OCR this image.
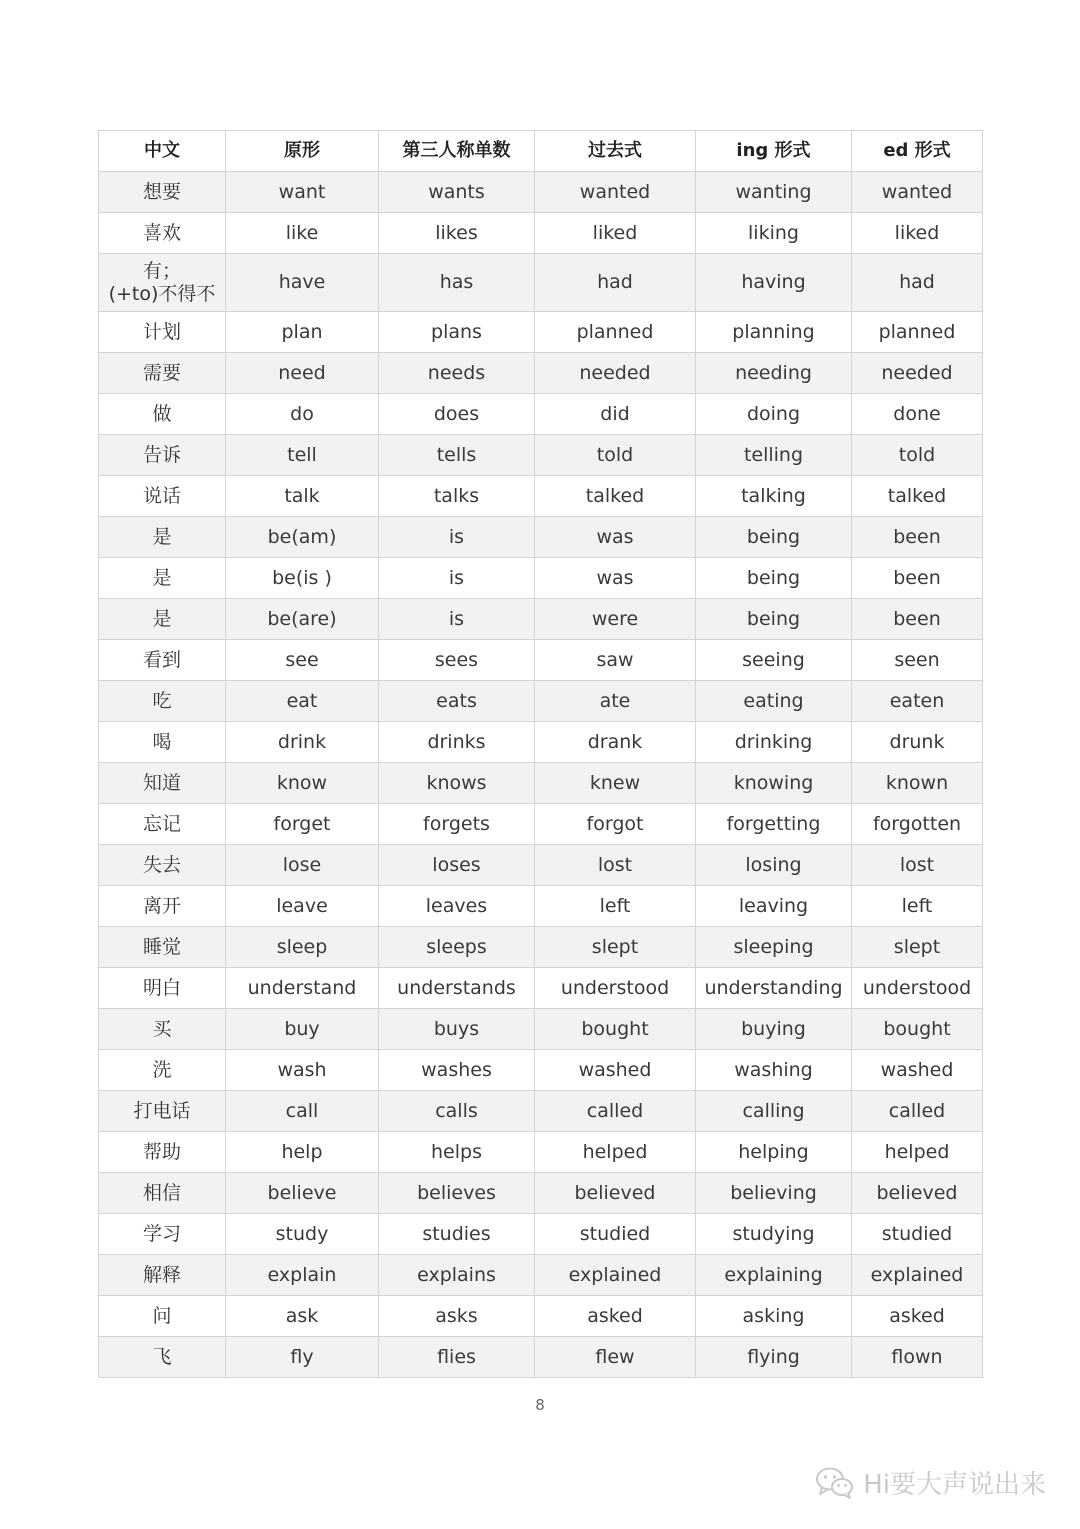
中文	原形	第三人称单数	过去式	ing 形式	ed 形式

想要	want	wants	wanted	wanting	wanted

喜欢	like	likes	liked	liking	liked

有；
(+to)不得不	have	has	had	having	had

计划	plan	plans	planned	planning	planned

需要	need	needs	needed	needing	needed

做	do	does	did	doing	done

告诉	tell	tells	told	telling	told

说话	talk	talks	talked	talking	talked

是	be(am)	is	was	being	been

是	be(is )	is	was	being	been

是	be(are)	is	were	being	been

看到	see	sees	saw	seeing	seen

吃	eat	eats	ate	eating	eaten

喝	drink	drinks	drank	drinking	drunk

知道	know	knows	knew	knowing	known

忘记	forget	forgets	forgot	forgetting	forgotten

失去	lose	loses	lost	losing	lost

离开	leave	leaves	left	leaving	left

睡觉	sleep	sleeps	slept	sleeping	slept

明白	understand	understands	understood	understanding	understood

买	buy	buys	bought	buying	bought

洗	wash	washes	washed	washing	washed

打电话	call	calls	called	calling	called

帮助	help	helps	helped	helping	helped

相信	believe	believes	believed	believing	believed

学习	study	studies	studied	studying	studied

解释	explain	explains	explained	explaining	explained

问	ask	asks	asked	asking	asked

飞	fly	flies	flew	flying	flown
8
Hi要大声说出来
